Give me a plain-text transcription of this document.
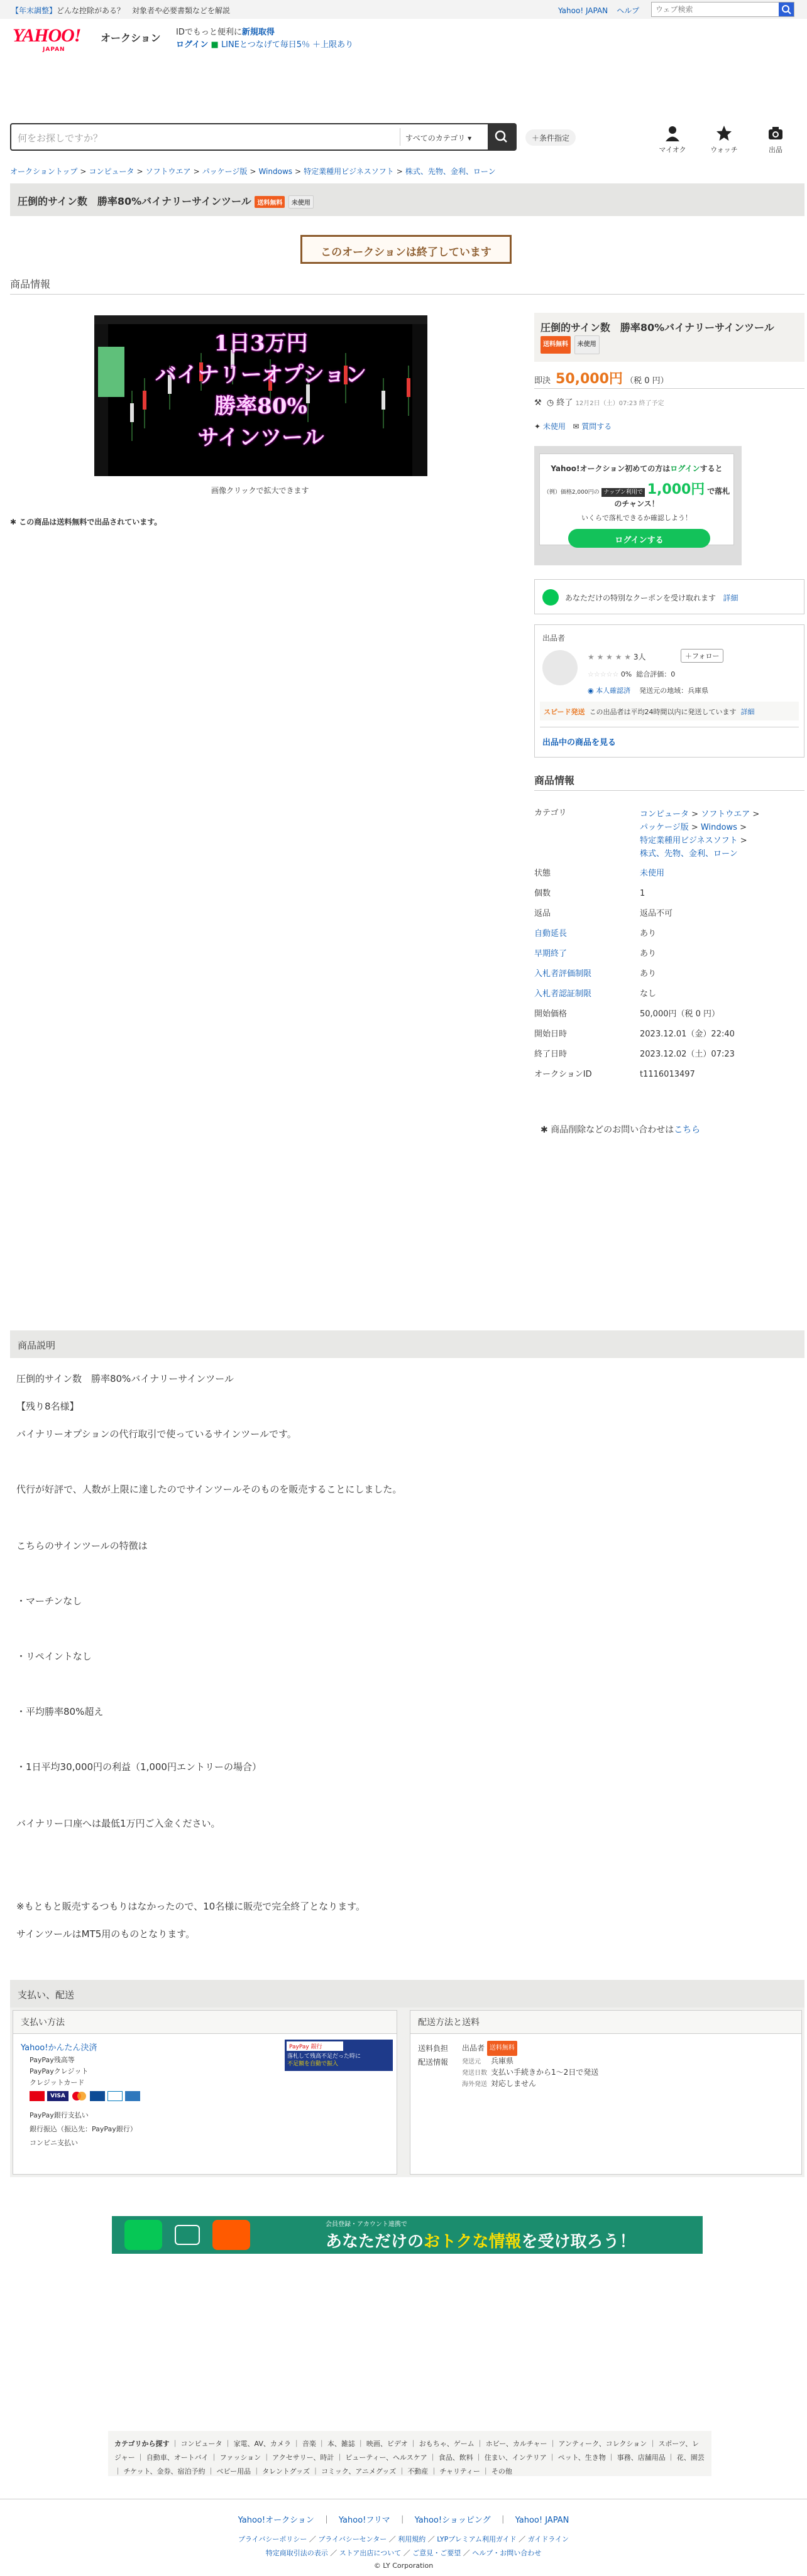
【年末調整】どんな控除がある？　対象者や必要書類などを解説	Yahoo! JAPAN ヘルプ
ウェブ検索
YAHOO!
JAPAN
オークション IDでもっと便利に新規取得
ログイン ■ LINEとつなげて毎日5％ ＋上限あり
何をお探しですか？	すべてのカテゴリ ▾	＋条件指定
マイオク	ウォッチ	出品
オークショントップ > コンピュータ > ソフトウエア > パッケージ版 > Windows > 特定業種用ビジネスソフト > 株式、先物、金利、ローン
圧倒的サイン数　勝率80%バイナリーサインツール 送料無料 未使用
このオークションは終了しています
商品情報
1日3万円
バイナリーオプション
勝率80%
サインツール
画像クリックで拡大できます
✱ この商品は送料無料で出品されています。
圧倒的サイン数　勝率80%バイナリーサインツール
送料無料 未使用
即決 50,000円 （税 0 円）
⚒ ◷ 終了 12月2日（土）07:23 終了予定
✦ 未使用 ✉ 質問する
Yahoo!オークション初めての方はログインすると
（例）価格2,000円の ナップン利用で 1,000円 で落札のチャンス！
いくらで落札できるか確認しよう！
ログインする
あなただけの特別なクーポンを受け取れます 詳細
出品者
★ ★ ★ ★ ★ 3人	＋フォロー
☆☆☆☆☆ 0% 総合評価：0
◉ 本人確認済 発送元の地域：兵庫県
スピード発送 この出品者は平均24時間以内に発送しています 詳細
出品中の商品を見る
商品情報
カテゴリ	コンピュータ > ソフトウエア >
パッケージ版 > Windows >
特定業種用ビジネスソフト >
株式、先物、金利、ローン
状態	未使用
個数	1
返品	返品不可
自動延長	あり
早期終了	あり
入札者評価制限	あり
入札者認証制限	なし
開始価格	50,000円（税 0 円）
開始日時	2023.12.01（金）22:40
終了日時	2023.12.02（土）07:23
オークションID	t1116013497
✱ 商品削除などのお問い合わせはこちら
商品説明
圧倒的サイン数　勝率80%バイナリーサインツール
【残り8名様】
バイナリーオプションの代行取引で使っているサインツールです。
代行が好評で、人数が上限に達したのでサインツールそのものを販売することにしました。
こちらのサインツールの特徴は
・マーチンなし
・リペイントなし
・平均勝率80%超え
・1日平均30,000円の利益（1,000円エントリーの場合）
バイナリー口座へは最低1万円ご入金ください。
※もともと販売するつもりはなかったので、10名様に販売で完全終了となります。
サインツールはMT5用のものとなります。
支払い、配送
支払い方法
Yahoo!かんたん決済
PayPay残高等
PayPayクレジット
クレジットカード
VISA
PayPay銀行支払い
銀行振込（振込先：PayPay銀行）
コンビニ支払い
PayPay 銀行
落札して残高不足だった時に
不足額を自動で振入
配送方法と送料
送料負担 出品者 送料無料
配送情報	発送元 兵庫県
発送日数 支払い手続きから1〜2日で発送
海外発送 対応しません
会員登録・アカウント連携で
あなただけのおトクな情報を受け取ろう！
カテゴリから探す ｜ コンピュータ ｜ 家電、AV、カメラ ｜ 音楽 ｜ 本、雑誌 ｜ 映画、ビデオ ｜ おもちゃ、ゲーム ｜ ホビー、カルチャー ｜ アンティーク、コレクション ｜ スポーツ、レジャー ｜ 自動車、オートバイ ｜ ファッション ｜ アクセサリー、時計 ｜ ビューティー、ヘルスケア ｜ 食品、飲料 ｜ 住まい、インテリア ｜ ペット、生き物 ｜ 事務、店舗用品 ｜ 花、園芸 ｜ チケット、金券、宿泊予約 ｜ ベビー用品 ｜ タレントグッズ ｜ コミック、アニメグッズ ｜ 不動産 ｜ チャリティー ｜ その他
Yahoo!オークション　｜　Yahoo!フリマ　｜　Yahoo!ショッピング　｜　Yahoo! JAPAN
プライバシーポリシー ／ プライバシーセンター ／ 利用規約 ／ LYPプレミアム利用ガイド ／ ガイドライン
特定商取引法の表示 ／ ストア出店について ／ ご意見・ご要望 ／ ヘルプ・お問い合わせ
© LY Corporation
